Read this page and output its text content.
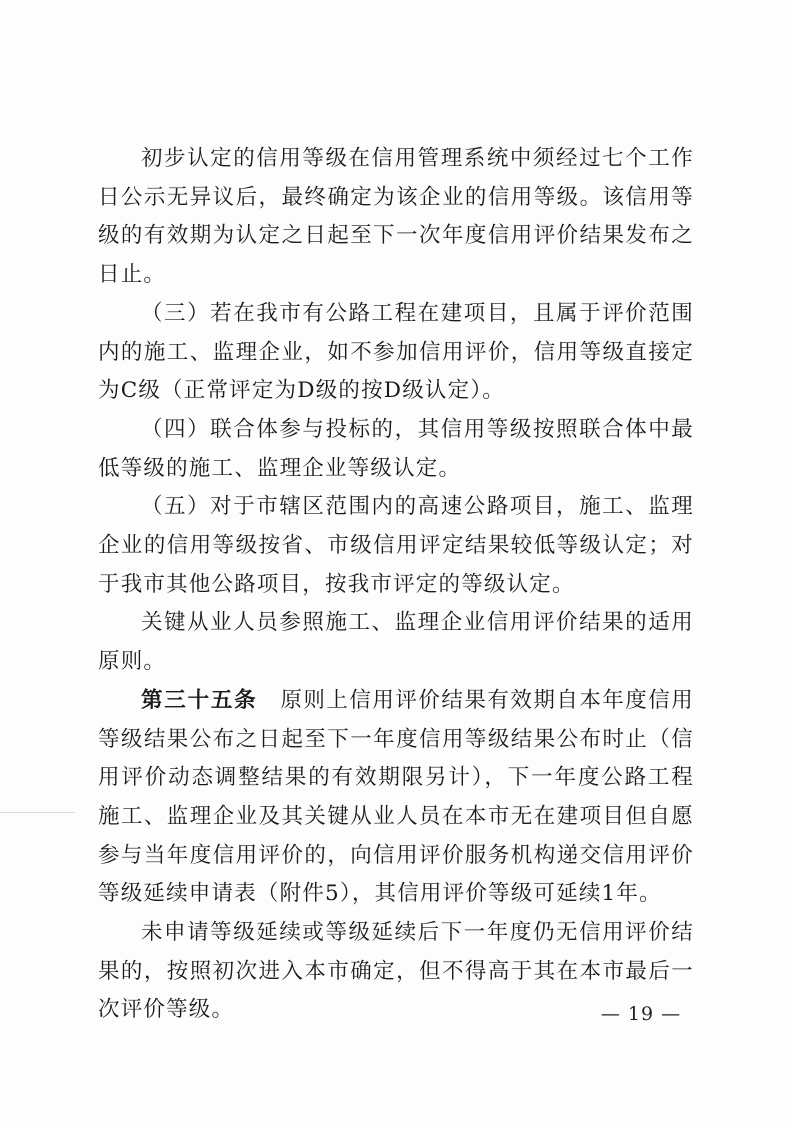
初步认定的信用等级在信用管理系统中须经过七个工作日公示无异议后，最终确定为该企业的信用等级。该信用等级的有效期为认定之日起至下一次年度信用评价结果发布之日止。

（三）若在我市有公路工程在建项目，且属于评价范围内的施工、监理企业，如不参加信用评价，信用等级直接定为C级（正常评定为D级的按D级认定）。

（四）联合体参与投标的，其信用等级按照联合体中最低等级的施工、监理企业等级认定。

（五）对于市辖区范围内的高速公路项目，施工、监理企业的信用等级按省、市级信用评定结果较低等级认定；对于我市其他公路项目，按我市评定的等级认定。

关键从业人员参照施工、监理企业信用评价结果的适用原则。

第三十五条　原则上信用评价结果有效期自本年度信用等级结果公布之日起至下一年度信用等级结果公布时止（信用评价动态调整结果的有效期限另计），下一年度公路工程施工、监理企业及其关键从业人员在本市无在建项目但自愿参与当年度信用评价的，向信用评价服务机构递交信用评价等级延续申请表（附件5），其信用评价等级可延续1年。

未申请等级延续或等级延续后下一年度仍无信用评价结果的，按照初次进入本市确定，但不得高于其在本市最后一次评价等级。	— 19 —
